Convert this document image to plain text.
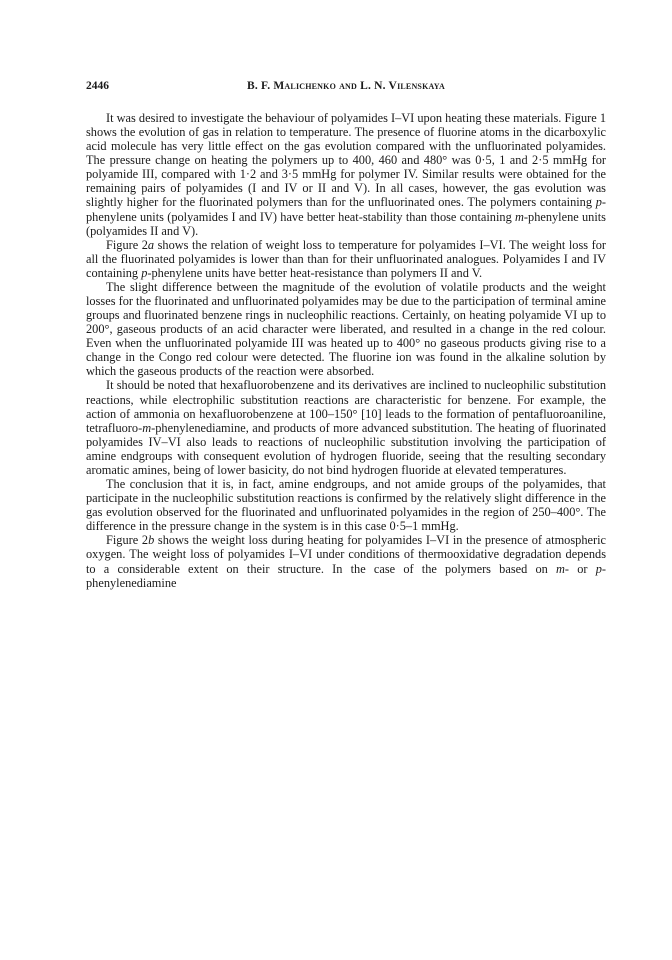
2446	B. F. Malichenko and L. N. Vilenskaya

It was desired to investigate the behaviour of polyamides I–VI upon heating these materials. Figure 1 shows the evolution of gas in relation to temperature. The presence of fluorine atoms in the dicarboxylic acid molecule has very little effect on the gas evolution compared with the unfluorinated polyamides. The pressure change on heating the polymers up to 400, 460 and 480° was 0·5, 1 and 2·5 mmHg for polyamide III, compared with 1·2 and 3·5 mmHg for polymer IV. Similar results were obtained for the remaining pairs of polyamides (I and IV or II and V). In all cases, however, the gas evolution was slightly higher for the fluorinated polymers than for the unfluorinated ones. The polymers containing p-phenylene units (polyamides I and IV) have better heat-stability than those containing m-phenylene units (polyamides II and V).

Figure 2a shows the relation of weight loss to temperature for polyamides I–VI. The weight loss for all the fluorinated polyamides is lower than than for their unfluorinated analogues. Polyamides I and IV containing p-phenylene units have better heat-resistance than polymers II and V.

The slight difference between the magnitude of the evolution of volatile products and the weight losses for the fluorinated and unfluorinated polyamides may be due to the participation of terminal amine groups and fluorinated benzene rings in nucleophilic reactions. Certainly, on heating polyamide VI up to 200°, gaseous products of an acid character were liberated, and resulted in a change in the red colour. Even when the unfluorinated polyamide III was heated up to 400° no gaseous products giving rise to a change in the Congo red colour were detected. The fluorine ion was found in the alkaline solution by which the gaseous products of the reaction were absorbed.

It should be noted that hexafluorobenzene and its derivatives are inclined to nucleophilic substitution reactions, while electrophilic substitution reactions are characteristic for benzene. For example, the action of ammonia on hexafluorobenzene at 100–150° [10] leads to the formation of pentafluoroaniline, tetrafluoro-m-phenylenediamine, and products of more advanced substitution. The heating of fluorinated polyamides IV–VI also leads to reactions of nucleophilic substitution involving the participation of amine endgroups with consequent evolution of hydrogen fluoride, seeing that the resulting secondary aromatic amines, being of lower basicity, do not bind hydrogen fluoride at elevated temperatures.

The conclusion that it is, in fact, amine endgroups, and not amide groups of the polyamides, that participate in the nucleophilic substitution reactions is confirmed by the relatively slight difference in the gas evolution observed for the fluorinated and unfluorinated polyamides in the region of 250–400°. The difference in the pressure change in the system is in this case 0·5–1 mmHg.

Figure 2b shows the weight loss during heating for polyamides I–VI in the presence of atmospheric oxygen. The weight loss of polyamides I–VI under conditions of thermooxidative degradation depends to a considerable extent on their structure. In the case of the polymers based on m- or p-phenylenediamine
